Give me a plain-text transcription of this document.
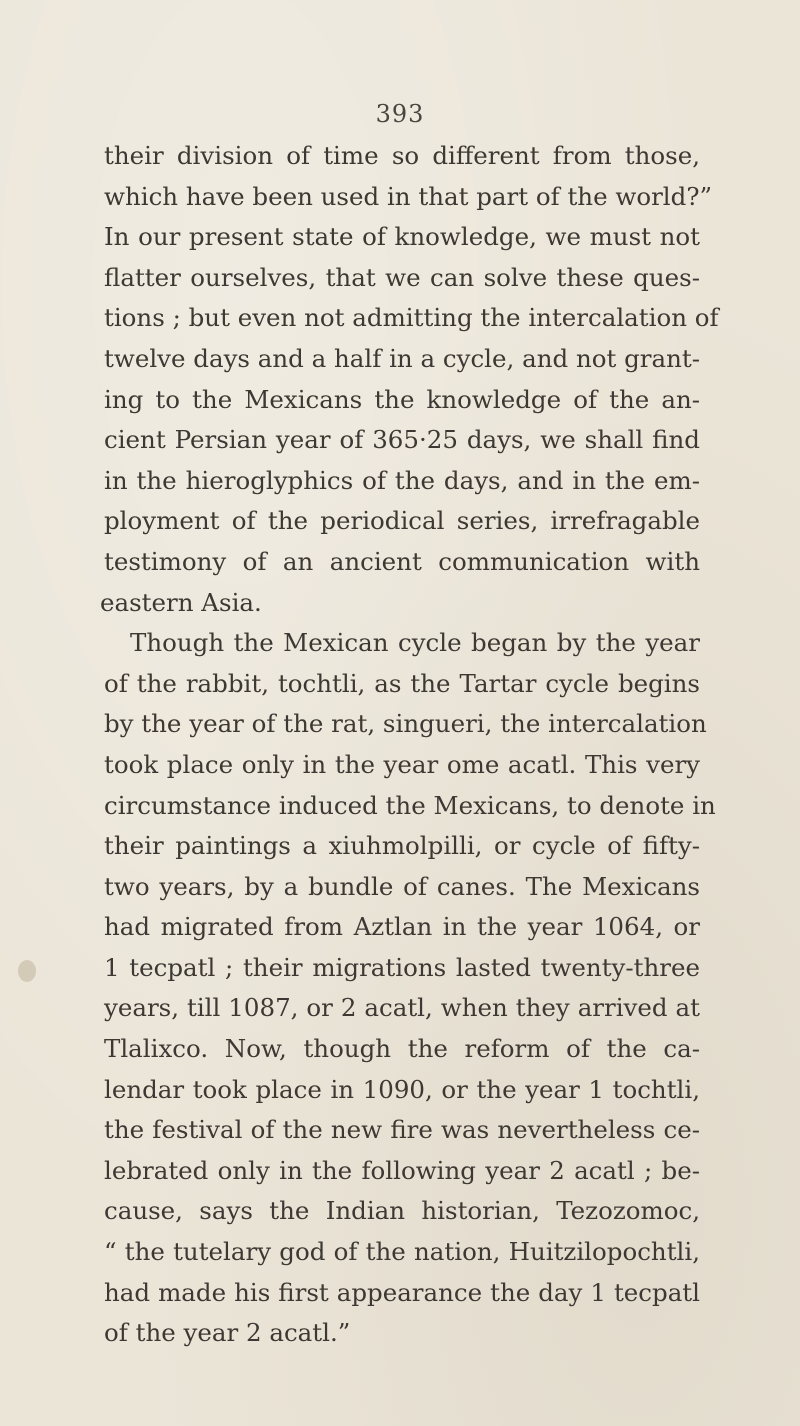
393
their division of time so different from those,
which have been used in that part of the world?”
In our present state of knowledge, we must not
flatter ourselves, that we can solve these ques-
tions ; but even not admitting the intercalation of
twelve days and a half in a cycle, and not grant-
ing to the Mexicans the knowledge of the an-
cient Persian year of 365·25 days, we shall find
in the hieroglyphics of the days, and in the em-
ployment of the periodical series, irrefragable
testimony of an ancient communication with
eastern Asia.
Though the Mexican cycle began by the year
of the rabbit, tochtli, as the Tartar cycle begins
by the year of the rat, singueri, the intercalation
took place only in the year ome acatl. This very
circumstance induced the Mexicans, to denote in
their paintings a xiuhmolpilli, or cycle of fifty-
two years, by a bundle of canes. The Mexicans
had migrated from Aztlan in the year 1064, or
1 tecpatl ; their migrations lasted twenty-three
years, till 1087, or 2 acatl, when they arrived at
Tlalixco. Now, though the reform of the ca-
lendar took place in 1090, or the year 1 tochtli,
the festival of the new fire was nevertheless ce-
lebrated only in the following year 2 acatl ; be-
cause, says the Indian historian, Tezozomoc,
“ the tutelary god of the nation, Huitzilopochtli,
had made his first appearance the day 1 tecpatl
of the year 2 acatl.”
